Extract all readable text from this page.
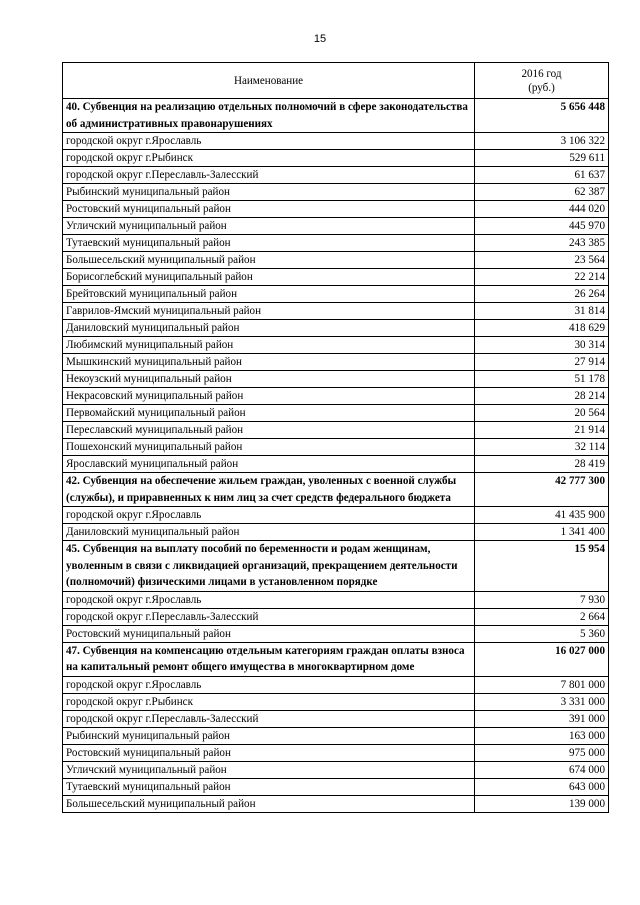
15
Наименование	2016 год
(руб.)

40. Субвенция на реализацию отдельных полномочий в сфере законодательства об административных правонарушениях	5 656 448
городской округ г.Ярославль	3 106 322
городской округ г.Рыбинск	529 611
городской округ г.Переславль-Залесский	61 637
Рыбинский муниципальный район	62 387
Ростовский муниципальный район	444 020
Угличский муниципальный район	445 970
Тутаевский муниципальный район	243 385
Большесельский муниципальный район	23 564
Борисоглебский муниципальный район	22 214
Брейтовский муниципальный район	26 264
Гаврилов-Ямский муниципальный район	31 814
Даниловский муниципальный район	418 629
Любимский муниципальный район	30 314
Мышкинский муниципальный район	27 914
Некоузский муниципальный район	51 178
Некрасовский муниципальный район	28 214
Первомайский муниципальный район	20 564
Переславский муниципальный район	21 914
Пошехонский муниципальный район	32 114
Ярославский муниципальный район	28 419
42. Субвенция на обеспечение жильем граждан, уволенных с военной службы (службы), и приравненных к ним лиц за счет средств федерального бюджета	42 777 300
городской округ г.Ярославль	41 435 900
Даниловский муниципальный район	1 341 400
45. Субвенция на выплату пособий по беременности и родам женщинам, уволенным в связи с ликвидацией организаций, прекращением деятельности (полномочий) физическими лицами в установленном порядке	15 954
городской округ г.Ярославль	7 930
городской округ г.Переславль-Залесский	2 664
Ростовский муниципальный район	5 360
47. Субвенция на компенсацию отдельным категориям граждан оплаты взноса на капитальный ремонт общего имущества в многоквартирном доме	16 027 000
городской округ г.Ярославль	7 801 000
городской округ г.Рыбинск	3 331 000
городской округ г.Переславль-Залесский	391 000
Рыбинский муниципальный район	163 000
Ростовский муниципальный район	975 000
Угличский муниципальный район	674 000
Тутаевский муниципальный район	643 000
Большесельский муниципальный район	139 000
